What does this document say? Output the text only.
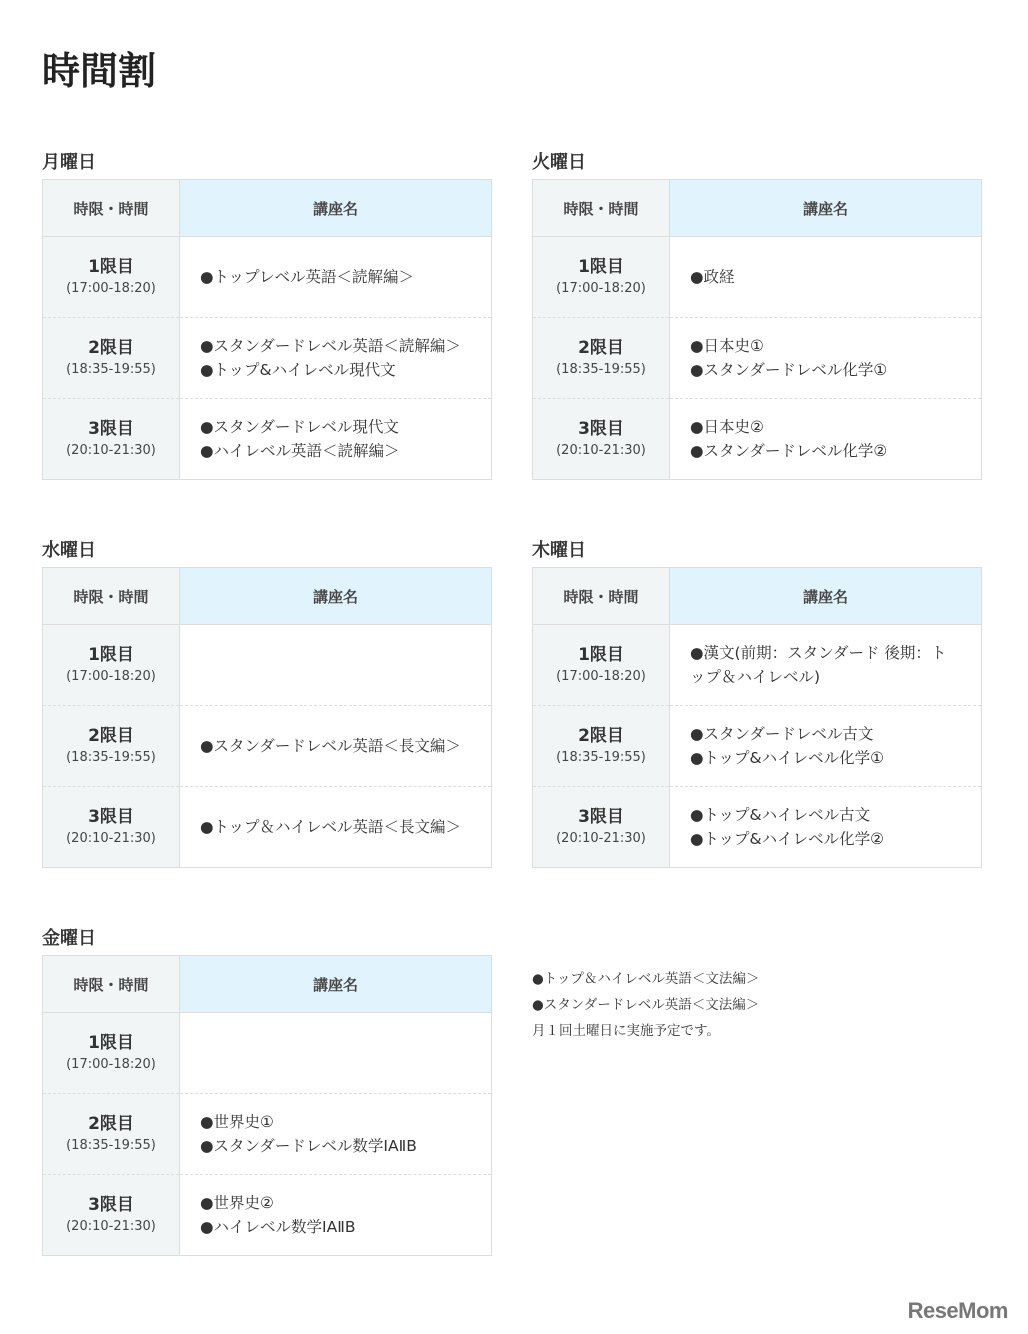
時間割
月曜日
時限・時間	講座名

1限目
(17:00-18:20)	●トップレベル英語＜読解編＞

2限目
(18:35-19:55)	●スタンダードレベル英語＜読解編＞
●トップ&ハイレベル現代文

3限目
(20:10-21:30)	●スタンダードレベル現代文
●ハイレベル英語＜読解編＞
火曜日
時限・時間	講座名

1限目
(17:00-18:20)	●政経

2限目
(18:35-19:55)	●日本史①
●スタンダードレベル化学①

3限目
(20:10-21:30)	●日本史②
●スタンダードレベル化学②
水曜日
時限・時間	講座名

1限目
(17:00-18:20)	

2限目
(18:35-19:55)	●スタンダードレベル英語＜長文編＞

3限目
(20:10-21:30)	●トップ＆ハイレベル英語＜長文編＞
木曜日
時限・時間	講座名

1限目
(17:00-18:20)	●漢文(前期：スタンダード 後期：トップ＆ハイレベル)

2限目
(18:35-19:55)	●スタンダードレベル古文
●トップ&ハイレベル化学①

3限目
(20:10-21:30)	●トップ&ハイレベル古文
●トップ&ハイレベル化学②
金曜日
時限・時間	講座名

1限目
(17:00-18:20)	

2限目
(18:35-19:55)	●世界史①
●スタンダードレベル数学ⅠAⅡB

3限目
(20:10-21:30)	●世界史②
●ハイレベル数学ⅠAⅡB
●トップ＆ハイレベル英語＜文法編＞
●スタンダードレベル英語＜文法編＞
月１回土曜日に実施予定です。
ReseMom
